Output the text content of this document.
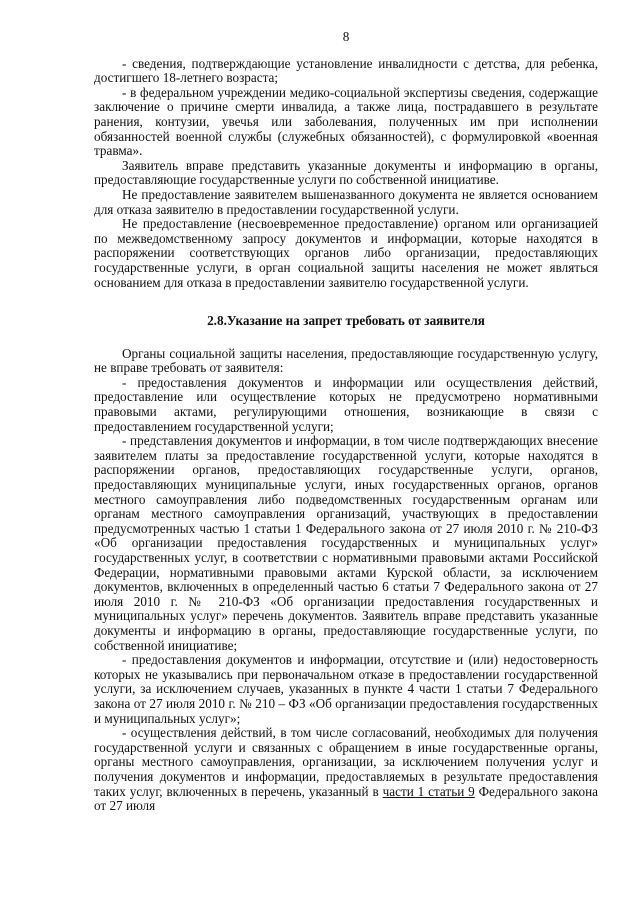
8

- сведения, подтверждающие установление инвалидности с детства, для ребенка, достигшего 18-летнего возраста;

- в федеральном учреждении медико-социальной экспертизы сведения, содержащие заключение о причине смерти инвалида, а также лица, пострадавшего в результате ранения, контузии, увечья или заболевания, полученных им при исполнении обязанностей военной службы (служебных обязанностей), с формулировкой «военная травма».

Заявитель вправе представить указанные документы и информацию в органы, предоставляющие государственные услуги по собственной инициативе.

Не предоставление заявителем вышеназванного документа не является основанием для отказа заявителю в предоставлении государственной услуги.

Не предоставление (несвоевременное предоставление) органом или организацией по межведомственному запросу документов и информации, которые находятся в распоряжении соответствующих органов либо организации, предоставляющих государственные услуги, в орган социальной защиты населения не может являться основанием для отказа в предоставлении заявителю государственной услуги.

2.8.Указание на запрет требовать от заявителя

Органы социальной защиты населения, предоставляющие государственную услугу, не вправе требовать от заявителя:

- предоставления документов и информации или осуществления действий, предоставление или осуществление которых не предусмотрено нормативными правовыми актами, регулирующими отношения, возникающие в связи с предоставлением государственной услуги;

- представления документов и информации, в том числе подтверждающих внесение заявителем платы за предоставление государственной услуги, которые находятся в распоряжении органов, предоставляющих государственные услуги, органов, предоставляющих муниципальные услуги, иных государственных органов, органов местного самоуправления либо подведомственных государственным органам или органам местного самоуправления организаций, участвующих в предоставлении предусмотренных частью 1 статьи 1 Федерального закона от 27 июля 2010 г. № 210-ФЗ «Об организации предоставления государственных и муниципальных услуг» государственных услуг, в соответствии с нормативными правовыми актами Российской Федерации, нормативными правовыми актами Курской области, за исключением документов, включенных в определенный частью 6 статьи 7 Федерального закона от 27 июля 2010 г. № 210-ФЗ «Об организации предоставления государственных и муниципальных услуг» перечень документов. Заявитель вправе представить указанные документы и информацию в органы, предоставляющие государственные услуги, по собственной инициативе;

- предоставления документов и информации, отсутствие и (или) недостоверность которых не указывались при первоначальном отказе в предоставлении государственной услуги, за исключением случаев, указанных в пункте 4 части 1 статьи 7 Федерального закона от 27 июля 2010 г. № 210 – ФЗ «Об организации предоставления государственных и муниципальных услуг»;

- осуществления действий, в том числе согласований, необходимых для получения государственной услуги и связанных с обращением в иные государственные органы, органы местного самоуправления, организации, за исключением получения услуг и получения документов и информации, предоставляемых в результате предоставления таких услуг, включенных в перечень, указанный в части 1 статьи 9 Федерального закона от 27 июля
